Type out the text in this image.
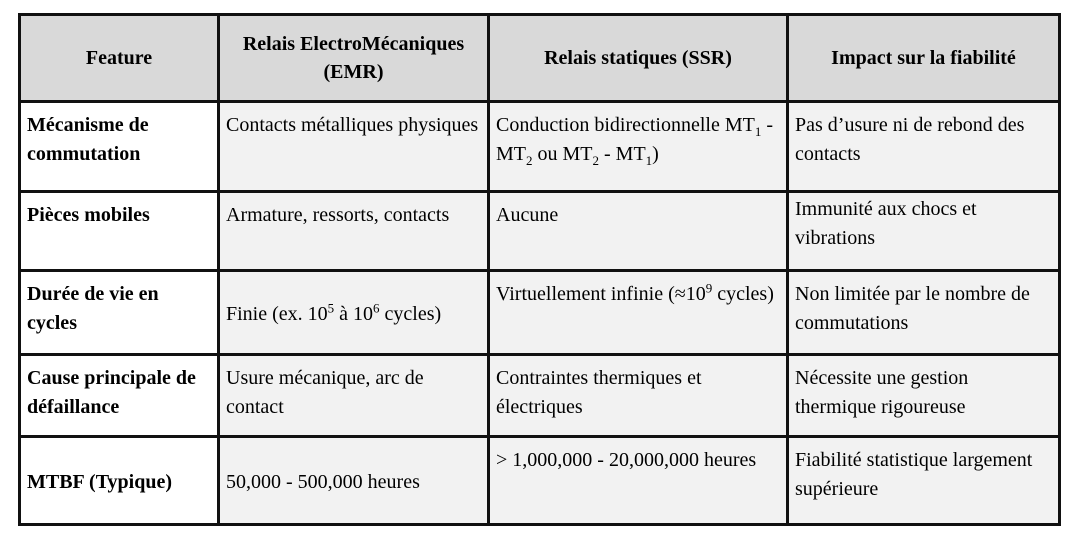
Feature	Relais ElectroMécaniques (EMR)	Relais statiques (SSR)	Impact sur la fiabilité
Mécanisme de commutation	Contacts métalliques physiques	Conduction bidirectionnelle $MT_1 - MT_2$ ou $MT_2 - MT_1$)	Pas d’usure ni de rebond des contacts
Pièces mobiles	Armature, ressorts, contacts	Aucune	Immunité aux chocs et vibrations
Durée de vie en cycles	Finie (ex. $10^5$ à $10^6$ cycles)	Virtuellement infinie ($\approx 10^9$ cycles)	Non limitée par le nombre de commutations
Cause principale de défaillance	Usure mécanique, arc de contact	Contraintes thermiques et électriques	Nécessite une gestion thermique rigoureuse
MTBF (Typique)	50,000 - 500,000 heures	> 1,000,000 - 20,000,000 heures	Fiabilité statistique largement supérieure
